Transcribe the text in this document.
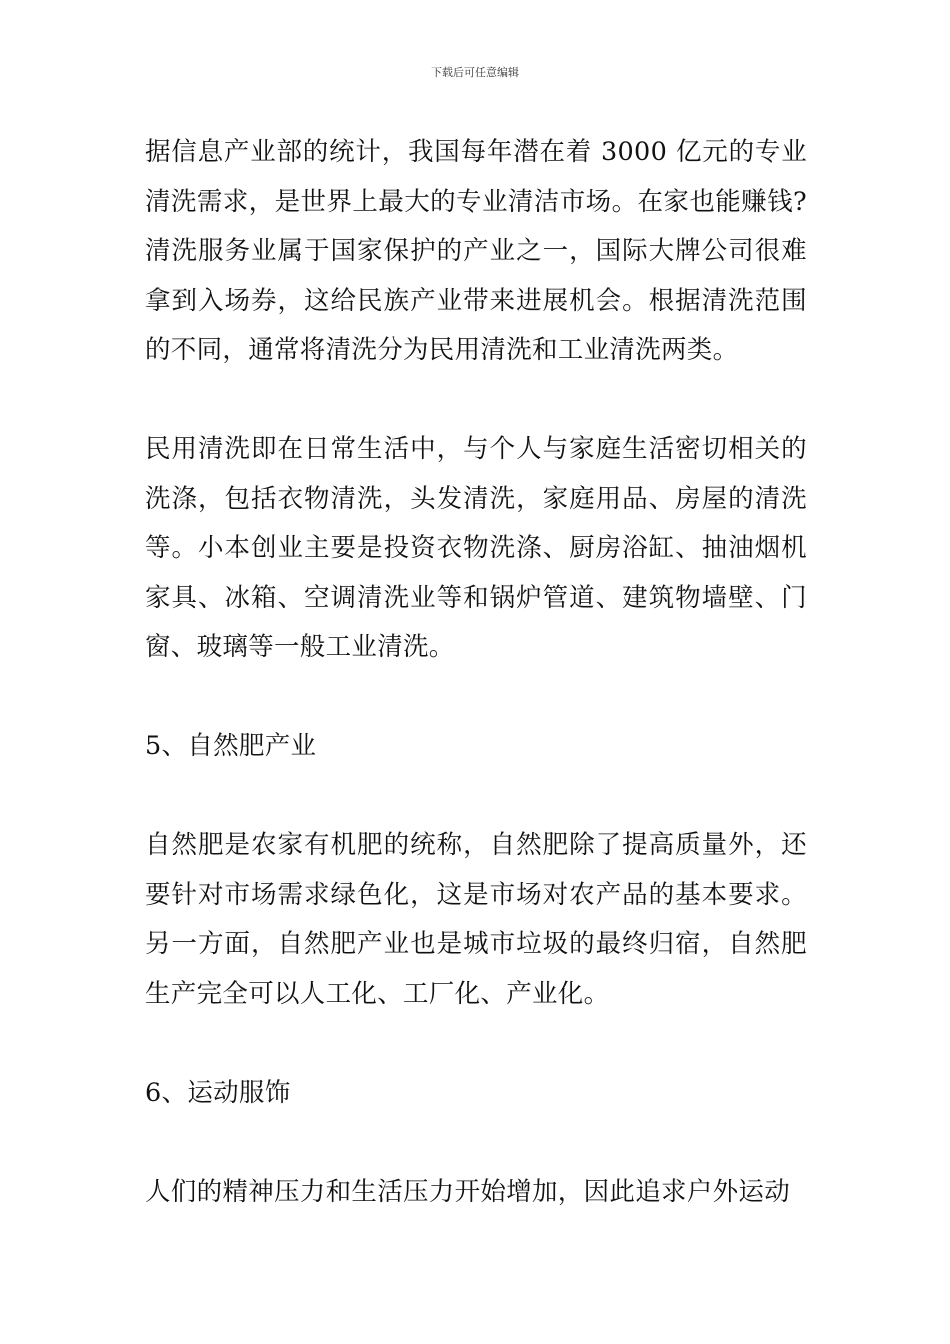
下载后可任意编辑

据信息产业部的统计，我国每年潜在着 3000 亿元的专业清洗需求，是世界上最大的专业清洁市场。在家也能赚钱?清洗服务业属于国家保护的产业之一，国际大牌公司很难拿到入场券，这给民族产业带来进展机会。根据清洗范围的不同，通常将清洗分为民用清洗和工业清洗两类。

民用清洗即在日常生活中，与个人与家庭生活密切相关的洗涤，包括衣物清洗，头发清洗，家庭用品、房屋的清洗等。小本创业主要是投资衣物洗涤、厨房浴缸、抽油烟机家具、冰箱、空调清洗业等和锅炉管道、建筑物墙壁、门窗、玻璃等一般工业清洗。

5、自然肥产业

自然肥是农家有机肥的统称，自然肥除了提高质量外，还要针对市场需求绿色化，这是市场对农产品的基本要求。另一方面，自然肥产业也是城市垃圾的最终归宿，自然肥生产完全可以人工化、工厂化、产业化。

6、运动服饰

人们的精神压力和生活压力开始增加，因此追求户外运动
